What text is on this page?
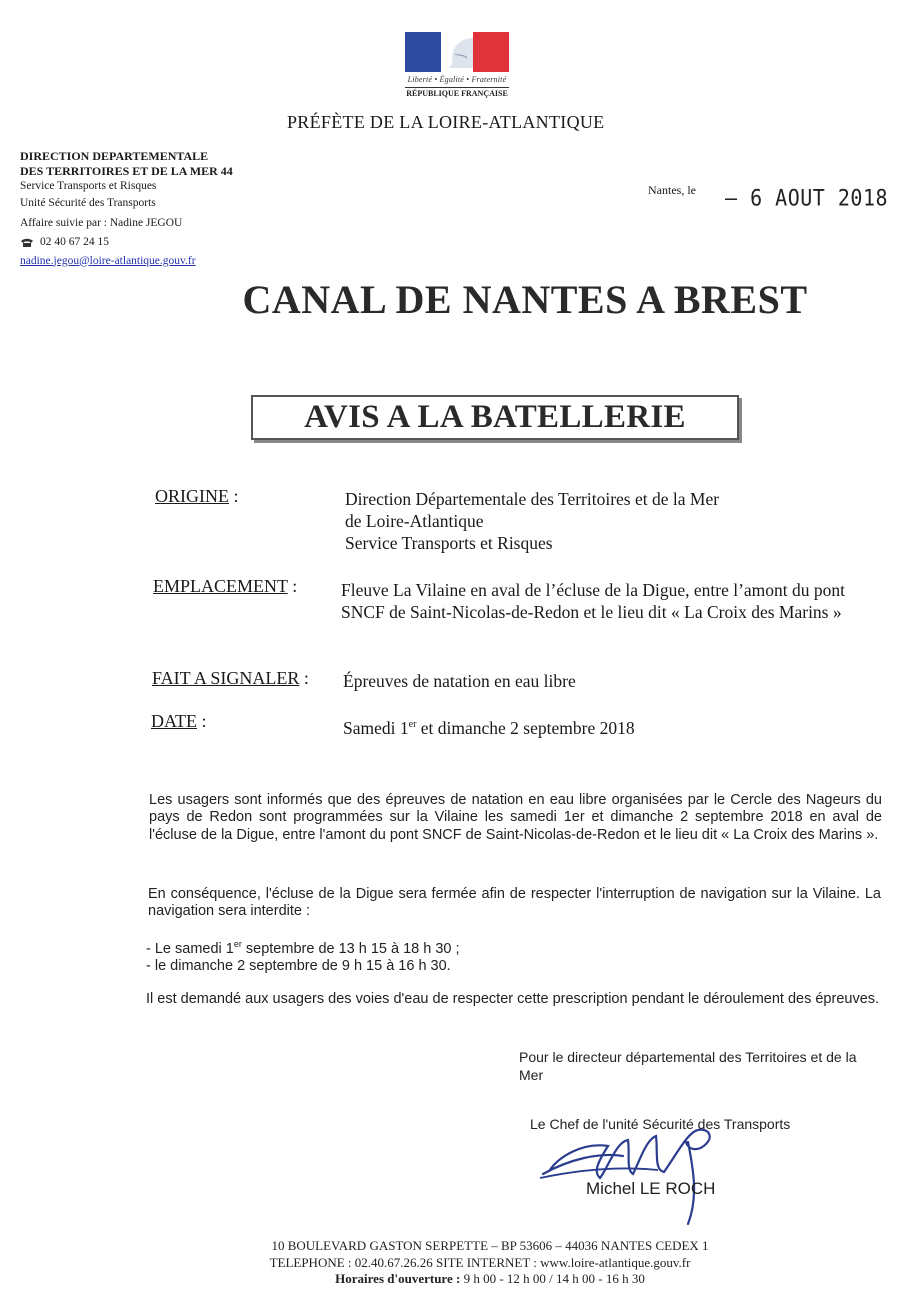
Liberté • Égalité • Fraternité
RÉPUBLIQUE FRANÇAISE
PRÉFÈTE DE LA LOIRE-ATLANTIQUE
DIRECTION DEPARTEMENTALE
DES TERRITOIRES ET DE LA MER 44
Service Transports et Risques
Unité Sécurité des Transports
Affaire suivie par : Nadine JEGOU
02 40 67 24 15
nadine.jegou@loire-atlantique.gouv.fr
Nantes, le – 6 AOUT 2018
CANAL DE NANTES A BREST
AVIS A LA BATELLERIE
ORIGINE :	Direction Départementale des Territoires et de la Mer
de Loire-Atlantique
Service Transports et Risques
EMPLACEMENT :	Fleuve La Vilaine en aval de l’écluse de la Digue, entre l’amont du pont SNCF de Saint-Nicolas-de-Redon et le lieu dit « La Croix des Marins »
FAIT A SIGNALER : Épreuves de natation en eau libre
DATE :	Samedi 1er et dimanche 2 septembre 2018
Les usagers sont informés que des épreuves de natation en eau libre organisées par le Cercle des Nageurs du pays de Redon sont programmées sur la Vilaine les samedi 1er et dimanche 2 septembre 2018 en aval de l'écluse de la Digue, entre l'amont du pont SNCF de Saint-Nicolas-de-Redon et le lieu dit « La Croix des Marins ».
En conséquence, l'écluse de la Digue sera fermée afin de respecter l'interruption de navigation sur la Vilaine. La navigation sera interdite :
- Le samedi 1er septembre de 13 h 15 à 18 h 30 ;
- le dimanche 2 septembre de 9 h 15 à 16 h 30.
Il est demandé aux usagers des voies d'eau de respecter cette prescription pendant le déroulement des épreuves.
Pour le directeur départemental des Territoires et de la Mer
Le Chef de l'unité Sécurité des Transports
Michel LE ROCH
10 BOULEVARD GASTON SERPETTE – BP 53606 – 44036 NANTES CEDEX 1
TELEPHONE : 02.40.67.26.26 SITE INTERNET : www.loire-atlantique.gouv.fr
Horaires d'ouverture : 9 h 00 - 12 h 00 / 14 h 00 - 16 h 30
